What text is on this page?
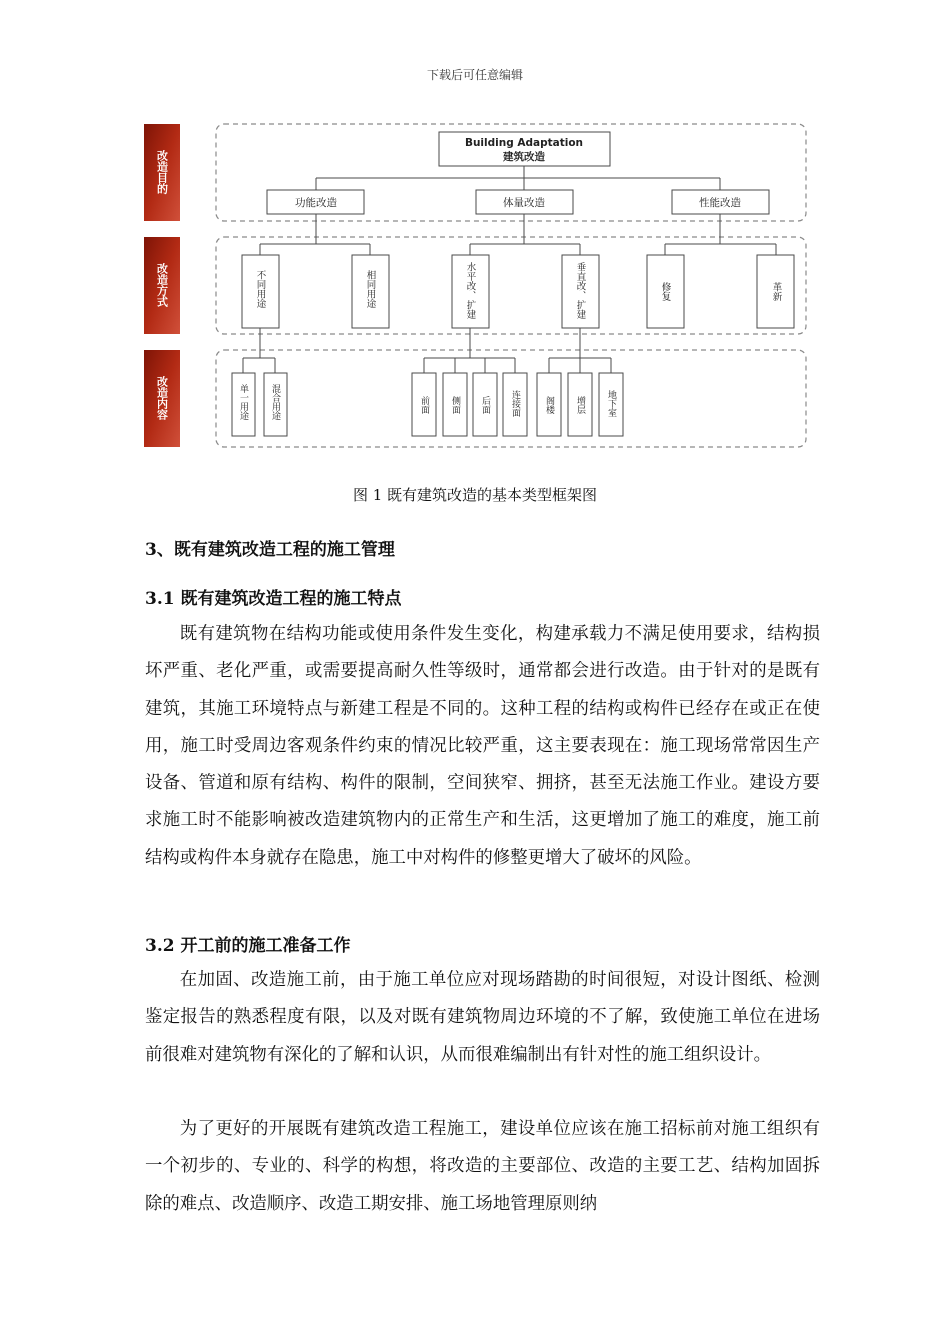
下载后可任意编辑
改造目的
改造方式
改造内容
Building Adaptation
建筑改造
功能改造	体量改造	性能改造
不同用途	相同用途	水平改、扩建	垂直改、扩建	修复	革新
单一用途 混合用途	前面 侧面 后面 连接面	阁楼 增层 地下室
图 1 既有建筑改造的基本类型框架图
3、既有建筑改造工程的施工管理
3.1 既有建筑改造工程的施工特点

既有建筑物在结构功能或使用条件发生变化，构建承载力不满足使用要求，结构损坏严重、老化严重，或需要提高耐久性等级时，通常都会进行改造。由于针对的是既有建筑，其施工环境特点与新建工程是不同的。这种工程的结构或构件已经存在或正在使用，施工时受周边客观条件约束的情况比较严重，这主要表现在：施工现场常常因生产设备、管道和原有结构、构件的限制，空间狭窄、拥挤，甚至无法施工作业。建设方要求施工时不能影响被改造建筑物内的正常生产和生活，这更增加了施工的难度，施工前结构或构件本身就存在隐患，施工中对构件的修整更增大了破坏的风险。

3.2 开工前的施工准备工作

在加固、改造施工前，由于施工单位应对现场踏勘的时间很短，对设计图纸、检测鉴定报告的熟悉程度有限，以及对既有建筑物周边环境的不了解，致使施工单位在进场前很难对建筑物有深化的了解和认识，从而很难编制出有针对性的施工组织设计。

为了更好的开展既有建筑改造工程施工，建设单位应该在施工招标前对施工组织有一个初步的、专业的、科学的构想，将改造的主要部位、改造的主要工艺、结构加固拆除的难点、改造顺序、改造工期安排、施工场地管理原则纳
